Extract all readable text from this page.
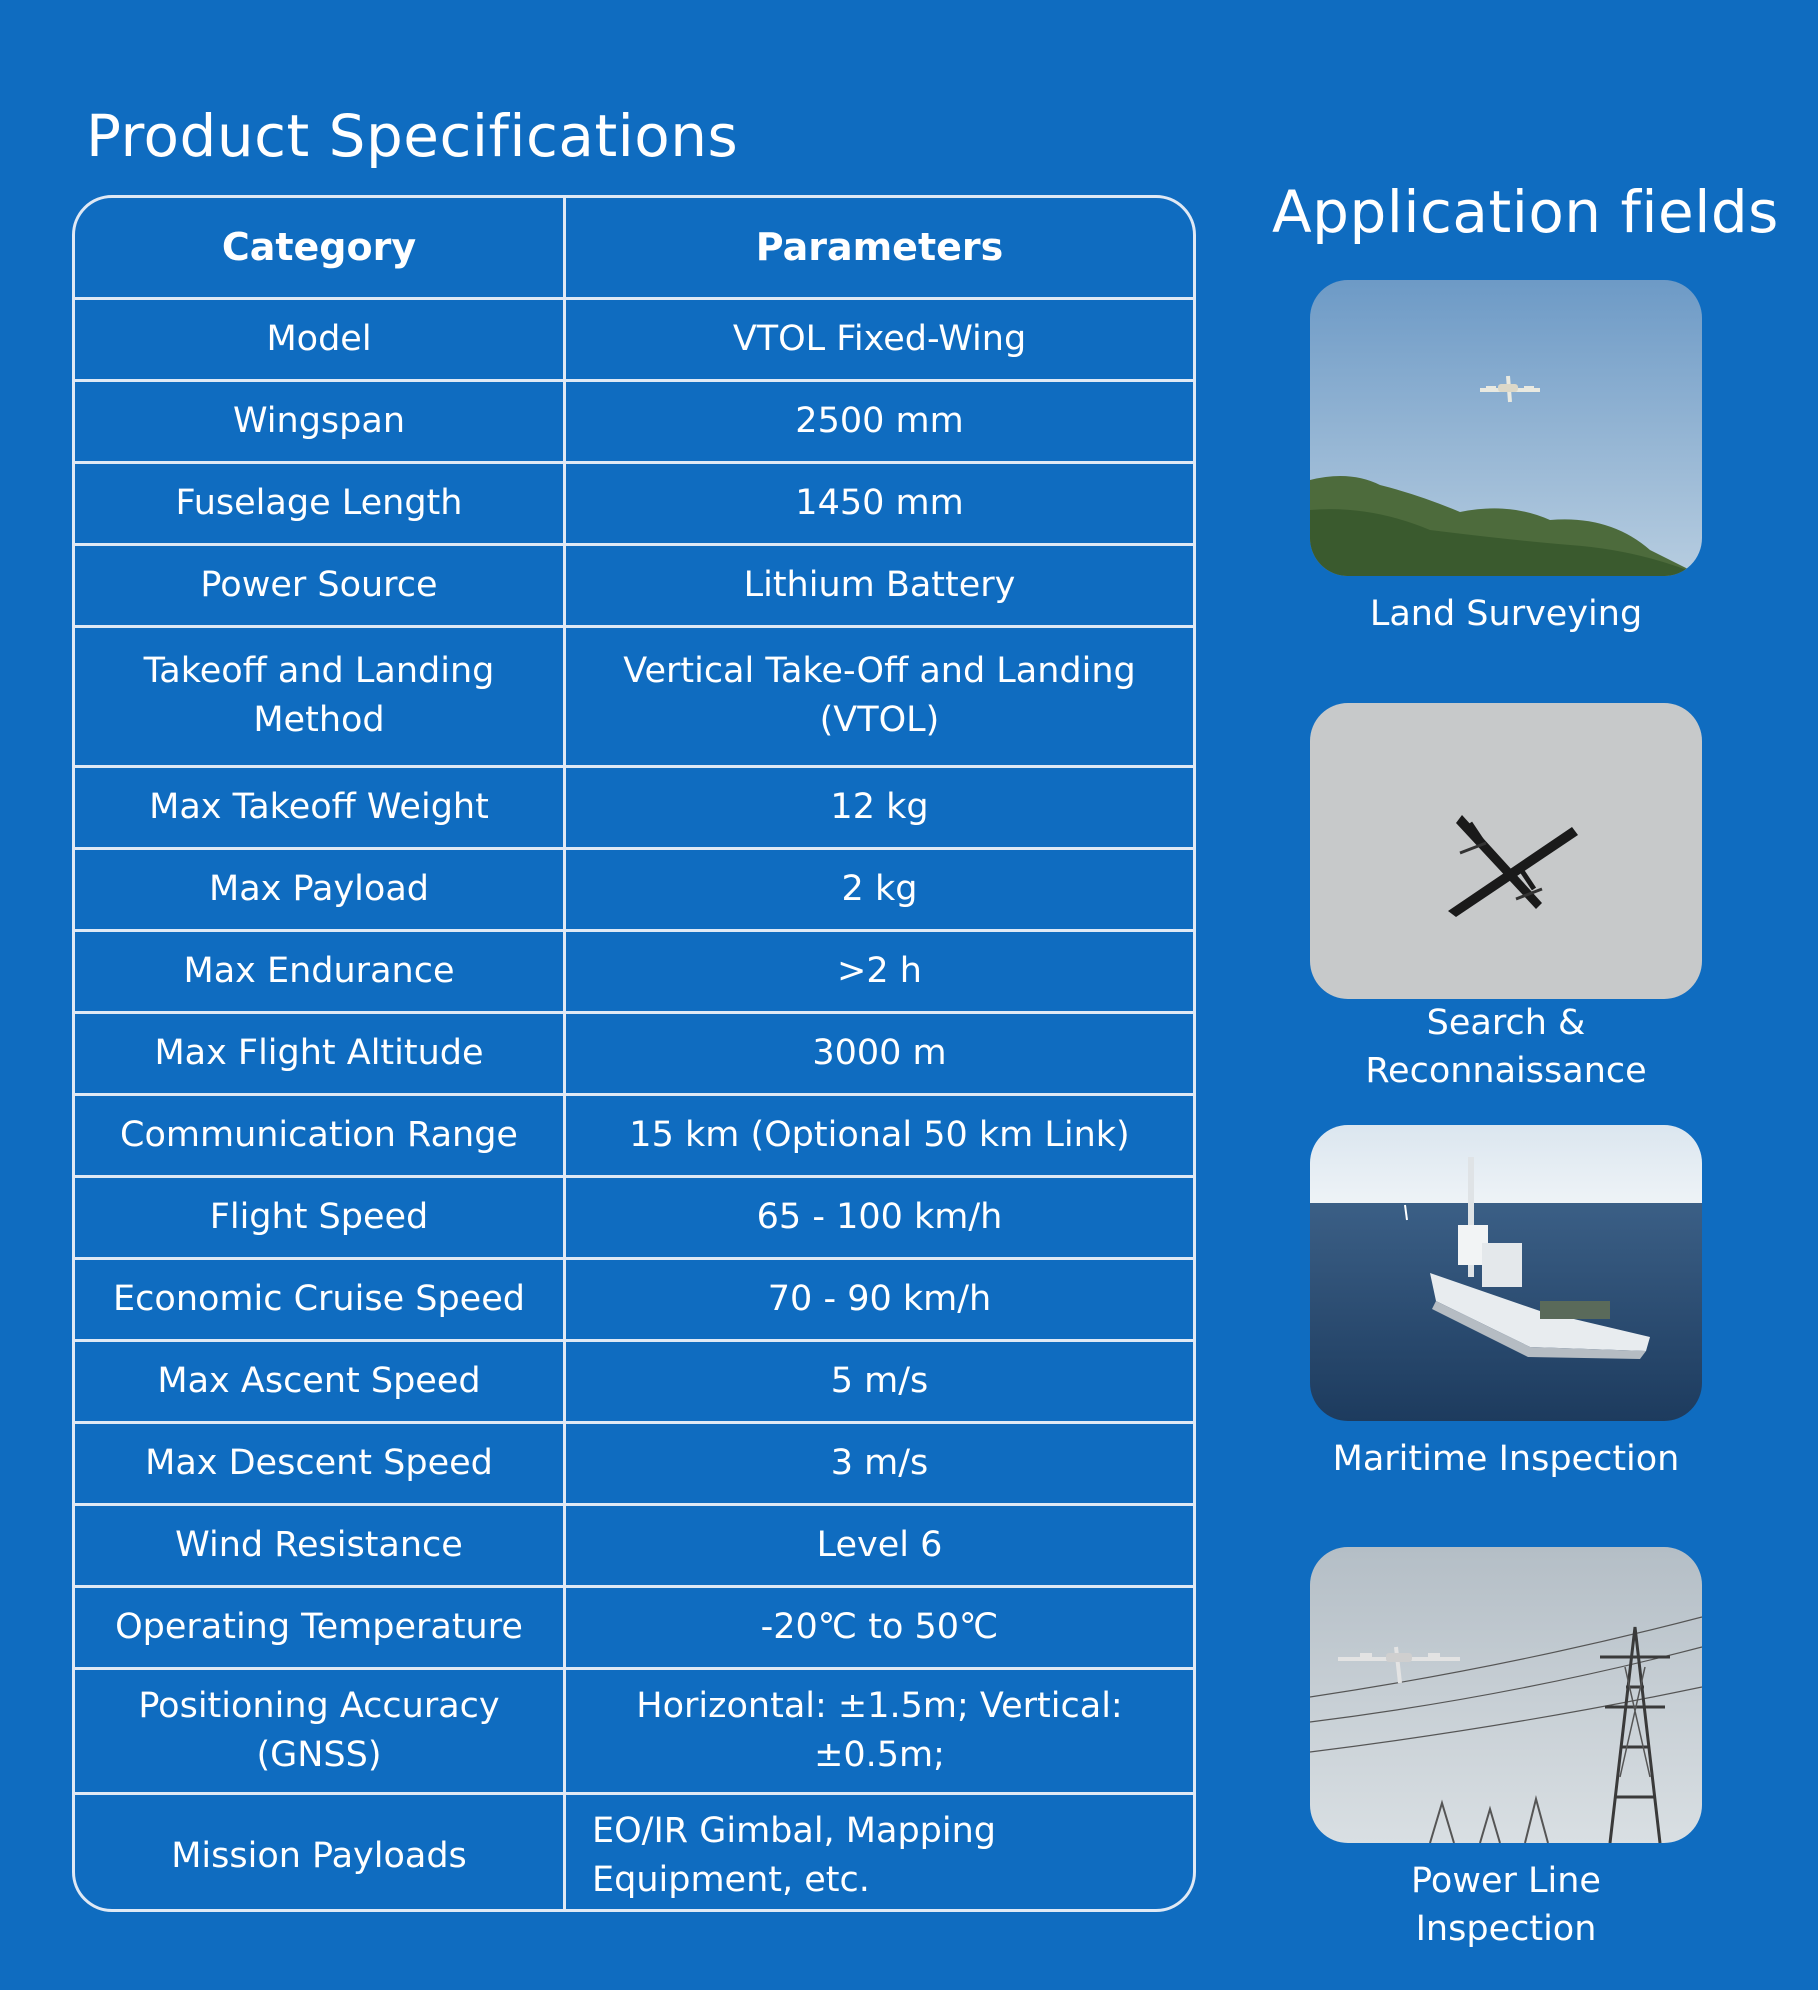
Product Specifications
Category	Parameters
Model	VTOL Fixed-Wing
Wingspan	2500 mm
Fuselage Length	1450 mm
Power Source	Lithium Battery
Takeoff and Landing Method	Vertical Take-Off and Landing (VTOL)
Max Takeoff Weight	12 kg
Max Payload	2 kg
Max Endurance	>2 h
Max Flight Altitude	3000 m
Communication Range	15 km (Optional 50 km Link)
Flight Speed	65 - 100 km/h
Economic Cruise Speed	70 - 90 km/h
Max Ascent Speed	5 m/s
Max Descent Speed	3 m/s
Wind Resistance	Level 6
Operating Temperature	-20℃ to 50℃
Positioning Accuracy (GNSS)	Horizontal: ±1.5m; Vertical: ±0.5m;
Mission Payloads	EO/IR Gimbal, Mapping Equipment, etc.
Application fields
Land Surveying
Search & Reconnaissance
Maritime Inspection
Power Line Inspection
